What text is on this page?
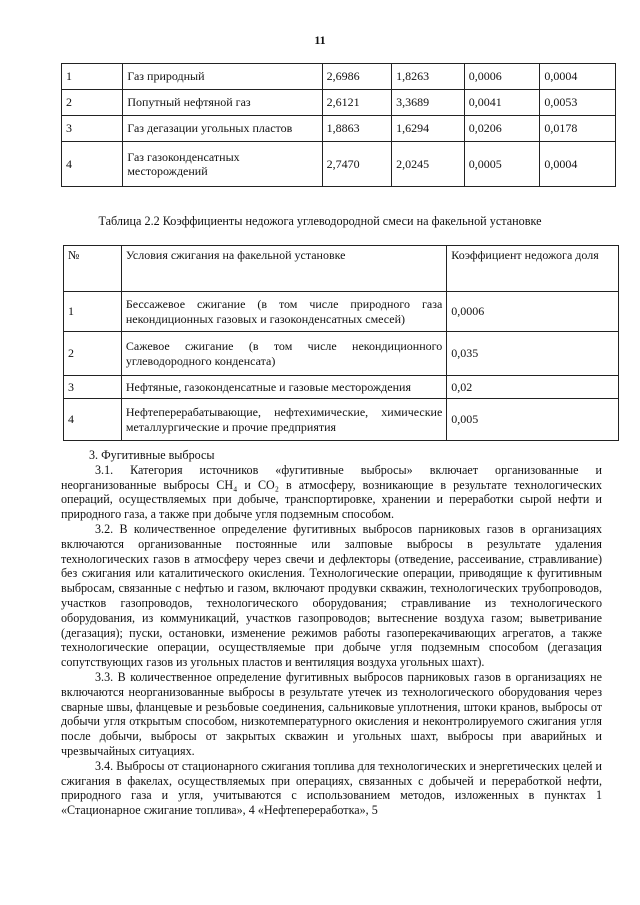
11
1	Газ природный	2,6986	1,8263	0,0006	0,0004
2	Попутный нефтяной газ	2,6121	3,3689	0,0041	0,0053
3	Газ дегазации угольных пластов	1,8863	1,6294	0,0206	0,0178
4	Газ газоконденсатных месторождений	2,7470	2,0245	0,0005	0,0004
Таблица 2.2 Коэффициенты недожога углеводородной смеси на факельной установке
№	Условия сжигания на факельной установке	Коэффициент недожога доля
1	Бессажевое сжигание (в том числе природного газа нeкондиционных газовых и газоконденсатных смесей)	0,0006
2	Сажевое сжигание (в том числе некондиционного углеводородного конденсата)	0,035
3	Нефтяные, газоконденсатные и газовые месторождения	0,02
4	Нефтеперерабатывающие, нефтехимические, химические металлургические и прочие предприятия	0,005

3. Фугитивные выбросы

3.1. Категория источников «фугитивные выбросы» включает организованные и неорганизованные выбросы CH₄ и CO₂ в атмосферу, возникающие в результате технологических операций, осуществляемых при добыче, транспортировке, хранении и переработки сырой нефти и природного газа, а также при добыче угля подземным способом.

3.2. В количественное определение фугитивных выбросов парниковых газов в организациях включаются организованные постоянные или залповые выбросы в результате удаления технологических газов в атмосферу через свечи и дефлекторы (отведение, рассеивание, стравливание) без сжигания или каталитического окисления. Технологические операции, приводящие к фугитивным выбросам, связанные с нефтью и газом, включают продувки скважин, технологических трубопроводов, участков газопроводов, технологического оборудования; стравливание из технологического оборудования, из коммуникаций, участков газопроводов; вытеснение воздуха газом; выветривание (дегазация); пуски, остановки, изменение режимов работы газоперекачивающих агрегатов, а также технологические операции, осуществляемые при добыче угля подземным способом (дегазация сопутствующих газов из угольных пластов и вентиляция воздуха угольных шахт).

3.3. В количественное определение фугитивных выбросов парниковых газов в организациях не включаются неорганизованные выбросы в результате утечек из технологического оборудования через сварные швы, фланцевые и резьбовые соединения, сальниковые уплотнения, штоки кранов, выбросы от добычи угля открытым способом, низкотемпературного окисления и неконтролируемого сжигания угля после добычи, выбросы от закрытых скважин и угольных шахт, выбросы при аварийных и чрезвычайных ситуациях.

3.4. Выбросы от стационарного сжигания топлива для технологических и энергетических целей и сжигания в факелах, осуществляемых при операциях, связанных с добычей и переработкой нефти, природного газа и угля, учитываются с использованием методов, изложенных в пунктах 1 «Стационарное сжигание топлива», 4 «Нефтепереработка», 5
